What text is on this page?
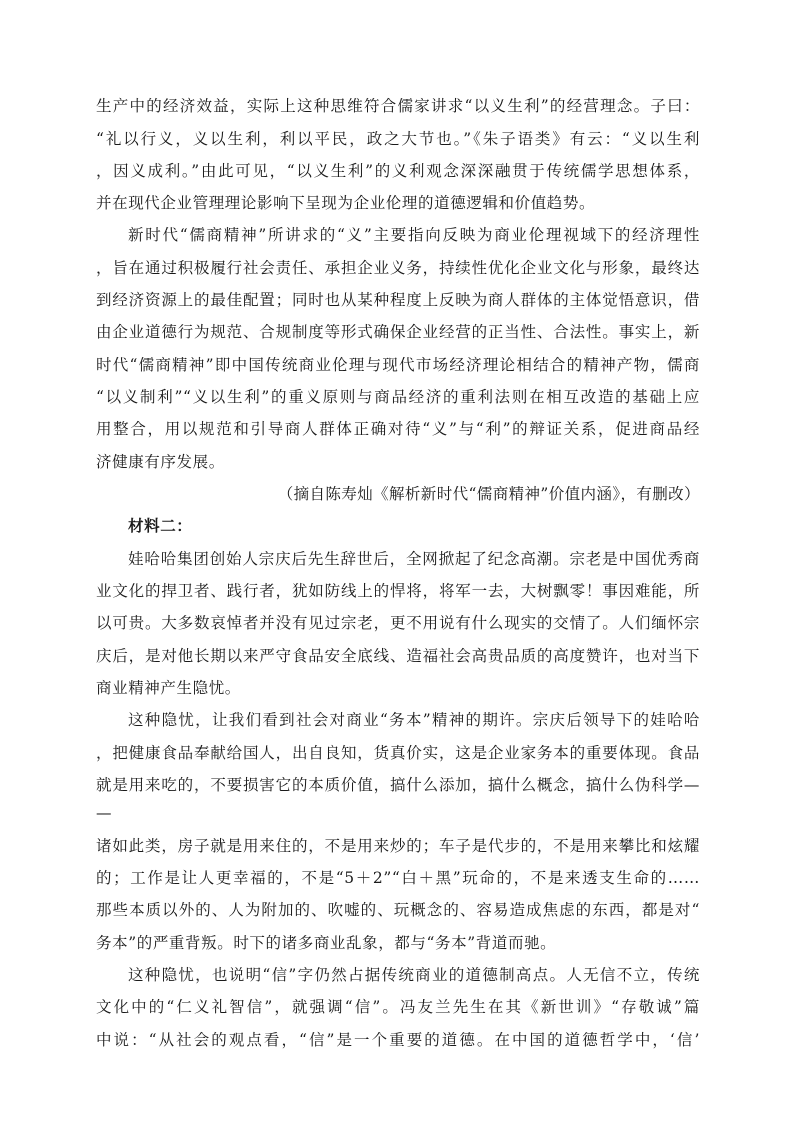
生产中的经济效益，实际上这种思维符合儒家讲求“以义生利”的经营理念。子曰：
“礼以行义，义以生利，利以平民，政之大节也。”《朱子语类》有云：“义以生利
，因义成利。”由此可见，“以义生利”的义利观念深深融贯于传统儒学思想体系，
并在现代企业管理理论影响下呈现为企业伦理的道德逻辑和价值趋势。
新时代“儒商精神”所讲求的“义”主要指向反映为商业伦理视域下的经济理性
，旨在通过积极履行社会责任、承担企业义务，持续性优化企业文化与形象，最终达
到经济资源上的最佳配置；同时也从某种程度上反映为商人群体的主体觉悟意识，借
由企业道德行为规范、合规制度等形式确保企业经营的正当性、合法性。事实上，新
时代“儒商精神”即中国传统商业伦理与现代市场经济理论相结合的精神产物，儒商
“以义制利”“义以生利”的重义原则与商品经济的重利法则在相互改造的基础上应
用整合，用以规范和引导商人群体正确对待“义”与“利”的辩证关系，促进商品经
济健康有序发展。
（摘自陈寿灿《解析新时代“儒商精神”价值内涵》，有删改）
材料二：
娃哈哈集团创始人宗庆后先生辞世后，全网掀起了纪念高潮。宗老是中国优秀商
业文化的捍卫者、践行者，犹如防线上的悍将，将军一去，大树飘零！事因难能，所
以可贵。大多数哀悼者并没有见过宗老，更不用说有什么现实的交情了。人们缅怀宗
庆后，是对他长期以来严守食品安全底线、造福社会高贵品质的高度赞许，也对当下
商业精神产生隐忧。
这种隐忧，让我们看到社会对商业“务本”精神的期许。宗庆后领导下的娃哈哈
，把健康食品奉献给国人，出自良知，货真价实，这是企业家务本的重要体现。食品
就是用来吃的，不要损害它的本质价值，搞什么添加，搞什么概念，搞什么伪科学—
—
诸如此类，房子就是用来住的，不是用来炒的；车子是代步的，不是用来攀比和炫耀
的；工作是让人更幸福的，不是“5＋2”“白＋黑”玩命的，不是来透支生命的……
那些本质以外的、人为附加的、吹嘘的、玩概念的、容易造成焦虑的东西，都是对“
务本”的严重背叛。时下的诸多商业乱象，都与“务本”背道而驰。
这种隐忧，也说明“信”字仍然占据传统商业的道德制高点。人无信不立，传统
文化中的“仁义礼智信”，就强调“信”。冯友兰先生在其《新世训》“存敬诚”篇
中说：“从社会的观点看，“信”是一个重要的道德。在中国的道德哲学中，‘信’
